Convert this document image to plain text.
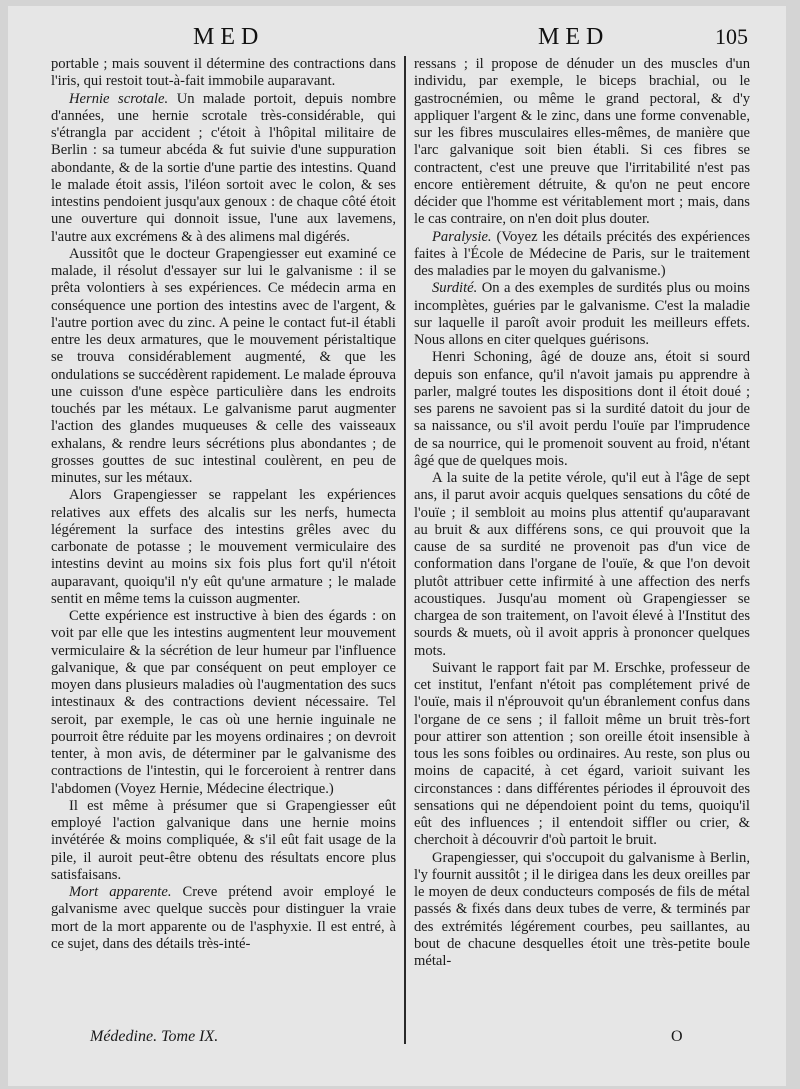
MED	MED	105

portable ; mais souvent il détermine des contractions dans l'iris, qui restoit tout-à-fait immobile auparavant.

Hernie scrotale. Un malade portoit, depuis nombre d'années, une hernie scrotale très-considérable, qui s'étrangla par accident ; c'étoit à l'hôpital militaire de Berlin : sa tumeur abcéda & fut suivie d'une suppuration abondante, & de la sortie d'une partie des intestins. Quand le malade étoit assis, l'iléon sortoit avec le colon, & ses intestins pendoient jusqu'aux genoux : de chaque côté étoit une ouverture qui donnoit issue, l'une aux lavemens, l'autre aux excrémens & à des alimens mal digérés.

Aussitôt que le docteur Grapengiesser eut examiné ce malade, il résolut d'essayer sur lui le galvanisme : il se prêta volontiers à ses expériences. Ce médecin arma en conséquence une portion des intestins avec de l'argent, & l'autre portion avec du zinc. A peine le contact fut-il établi entre les deux armatures, que le mouvement péristaltique se trouva considérablement augmenté, & que les ondulations se succédèrent rapidement. Le malade éprouva une cuisson d'une espèce particulière dans les endroits touchés par les métaux. Le galvanisme parut augmenter l'action des glandes muqueuses & celle des vaisseaux exhalans, & rendre leurs sécrétions plus abondantes ; de grosses gouttes de suc intestinal coulèrent, en peu de minutes, sur les métaux.

Alors Grapengiesser se rappelant les expériences relatives aux effets des alcalis sur les nerfs, humecta légérement la surface des intestins grêles avec du carbonate de potasse ; le mouvement vermiculaire des intestins devint au moins six fois plus fort qu'il n'étoit auparavant, quoiqu'il n'y eût qu'une armature ; le malade sentit en même tems la cuisson augmenter.

Cette expérience est instructive à bien des égards : on voit par elle que les intestins augmentent leur mouvement vermiculaire & la sécrétion de leur humeur par l'influence galvanique, & que par conséquent on peut employer ce moyen dans plusieurs maladies où l'augmentation des sucs intestinaux & des contractions devient nécessaire. Tel seroit, par exemple, le cas où une hernie inguinale ne pourroit être réduite par les moyens ordinaires ; on devroit tenter, à mon avis, de déterminer par le galvanisme des contractions de l'intestin, qui le forceroient à rentrer dans l'abdomen (Voyez Hernie, Médecine électrique.)

Il est même à présumer que si Grapengiesser eût employé l'action galvanique dans une hernie moins invétérée & moins compliquée, & s'il eût fait usage de la pile, il auroit peut-être obtenu des résultats encore plus satisfaisans.

Mort apparente. Creve prétend avoir employé le galvanisme avec quelque succès pour distinguer la vraie mort de la mort apparente ou de l'asphyxie. Il est entré, à ce sujet, dans des détails très-inté-

ressans ; il propose de dénuder un des muscles d'un individu, par exemple, le biceps brachial, ou le gastrocnémien, ou même le grand pectoral, & d'y appliquer l'argent & le zinc, dans une forme convenable, sur les fibres musculaires elles-mêmes, de manière que l'arc galvanique soit bien établi. Si ces fibres se contractent, c'est une preuve que l'irritabilité n'est pas encore entièrement détruite, & qu'on ne peut encore décider que l'homme est véritablement mort ; mais, dans le cas contraire, on n'en doit plus douter.

Paralysie. (Voyez les détails précités des expériences faites à l'École de Médecine de Paris, sur le traitement des maladies par le moyen du galvanisme.)

Surdité. On a des exemples de surdités plus ou moins incomplètes, guéries par le galvanisme. C'est la maladie sur laquelle il paroît avoir produit les meilleurs effets. Nous allons en citer quelques guérisons.

Henri Schoning, âgé de douze ans, étoit si sourd depuis son enfance, qu'il n'avoit jamais pu apprendre à parler, malgré toutes les dispositions dont il étoit doué ; ses parens ne savoient pas si la surdité datoit du jour de sa naissance, ou s'il avoit perdu l'ouïe par l'imprudence de sa nourrice, qui le promenoit souvent au froid, n'étant âgé que de quelques mois.

A la suite de la petite vérole, qu'il eut à l'âge de sept ans, il parut avoir acquis quelques sensations du côté de l'ouïe ; il sembloit au moins plus attentif qu'auparavant au bruit & aux différens sons, ce qui prouvoit que la cause de sa surdité ne provenoit pas d'un vice de conformation dans l'organe de l'ouïe, & que l'on devoit plutôt attribuer cette infirmité à une affection des nerfs acoustiques. Jusqu'au moment où Grapengiesser se chargea de son traitement, on l'avoit élevé à l'Institut des sourds & muets, où il avoit appris à prononcer quelques mots.

Suivant le rapport fait par M. Erschke, professeur de cet institut, l'enfant n'étoit pas complétement privé de l'ouïe, mais il n'éprouvoit qu'un ébranlement confus dans l'organe de ce sens ; il falloit même un bruit très-fort pour attirer son attention ; son oreille étoit insensible à tous les sons foibles ou ordinaires. Au reste, son plus ou moins de capacité, à cet égard, varioit suivant les circonstances : dans différentes périodes il éprouvoit des sensations qui ne dépendoient point du tems, quoiqu'il eût des influences ; il entendoit siffler ou crier, & cherchoit à découvrir d'où partoit le bruit.

Grapengiesser, qui s'occupoit du galvanisme à Berlin, l'y fournit aussitôt ; il le dirigea dans les deux oreilles par le moyen de deux conducteurs composés de fils de métal passés & fixés dans deux tubes de verre, & terminés par des extrémités légérement courbes, peu saillantes, au bout de chacune desquelles étoit une très-petite boule métal-

Médedine. Tome IX.	O
